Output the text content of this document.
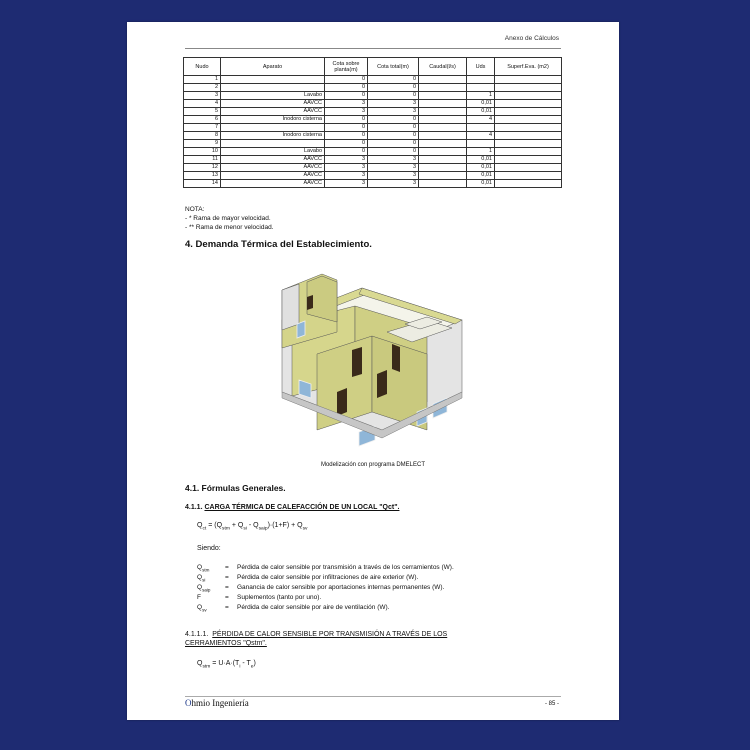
Anexo de Cálculos
Nudo	Aparato	Cota sobre planta(m)	Cota total(m)	Caudal(l/s)	Uds	Superf.Eva. (m2)
1		0	0			
2		0	0			
3	Lavabo	0	0		1	
4	AAVCC	3	3		0,01	
5	AAVCC	3	3		0,01	
6	Inodoro cisterna	0	0		4	
7		0	0			
8	Inodoro cisterna	0	0		4	
9		0	0			
10	Lavabo	0	0		1	
11	AAVCC	3	3		0,01	
12	AAVCC	3	3		0,01	
13	AAVCC	3	3		0,01	
14	AAVCC	3	3		0,01	
NOTA:
- * Rama de mayor velocidad.
- ** Rama de menor velocidad.
4. Demanda Térmica del Establecimiento.
Modelización con programa DMELECT
4.1. Fórmulas Generales.
4.1.1. CARGA TÉRMICA DE CALEFACCIÓN DE UN LOCAL "Qct".
$Q_{ct} = (Q_{stm} + Q_{si} - Q_{saip})\cdot(1+F) + Q_{sv}$
Siendo:
$Q_{stm}$ = Pérdida de calor sensible por transmisión a través de los cerramientos (W).
$Q_{si}$	= Pérdida de calor sensible por infiltraciones de aire exterior (W).
$Q_{saip}$ = Ganancia de calor sensible por aportaciones internas permanentes (W).
F	= Suplementos (tanto por uno).
$Q_{sv}$	= Pérdida de calor sensible por aire de ventilación (W).
4.1.1.1. PÉRDIDA DE CALOR SENSIBLE POR TRANSMISIÓN A TRAVÉS DE LOS
CERRAMIENTOS "Qstm".
$Q_{stm} = U\cdot A\cdot(T_i - T_e)$
Ohmio Ingeniería	- 85 -
